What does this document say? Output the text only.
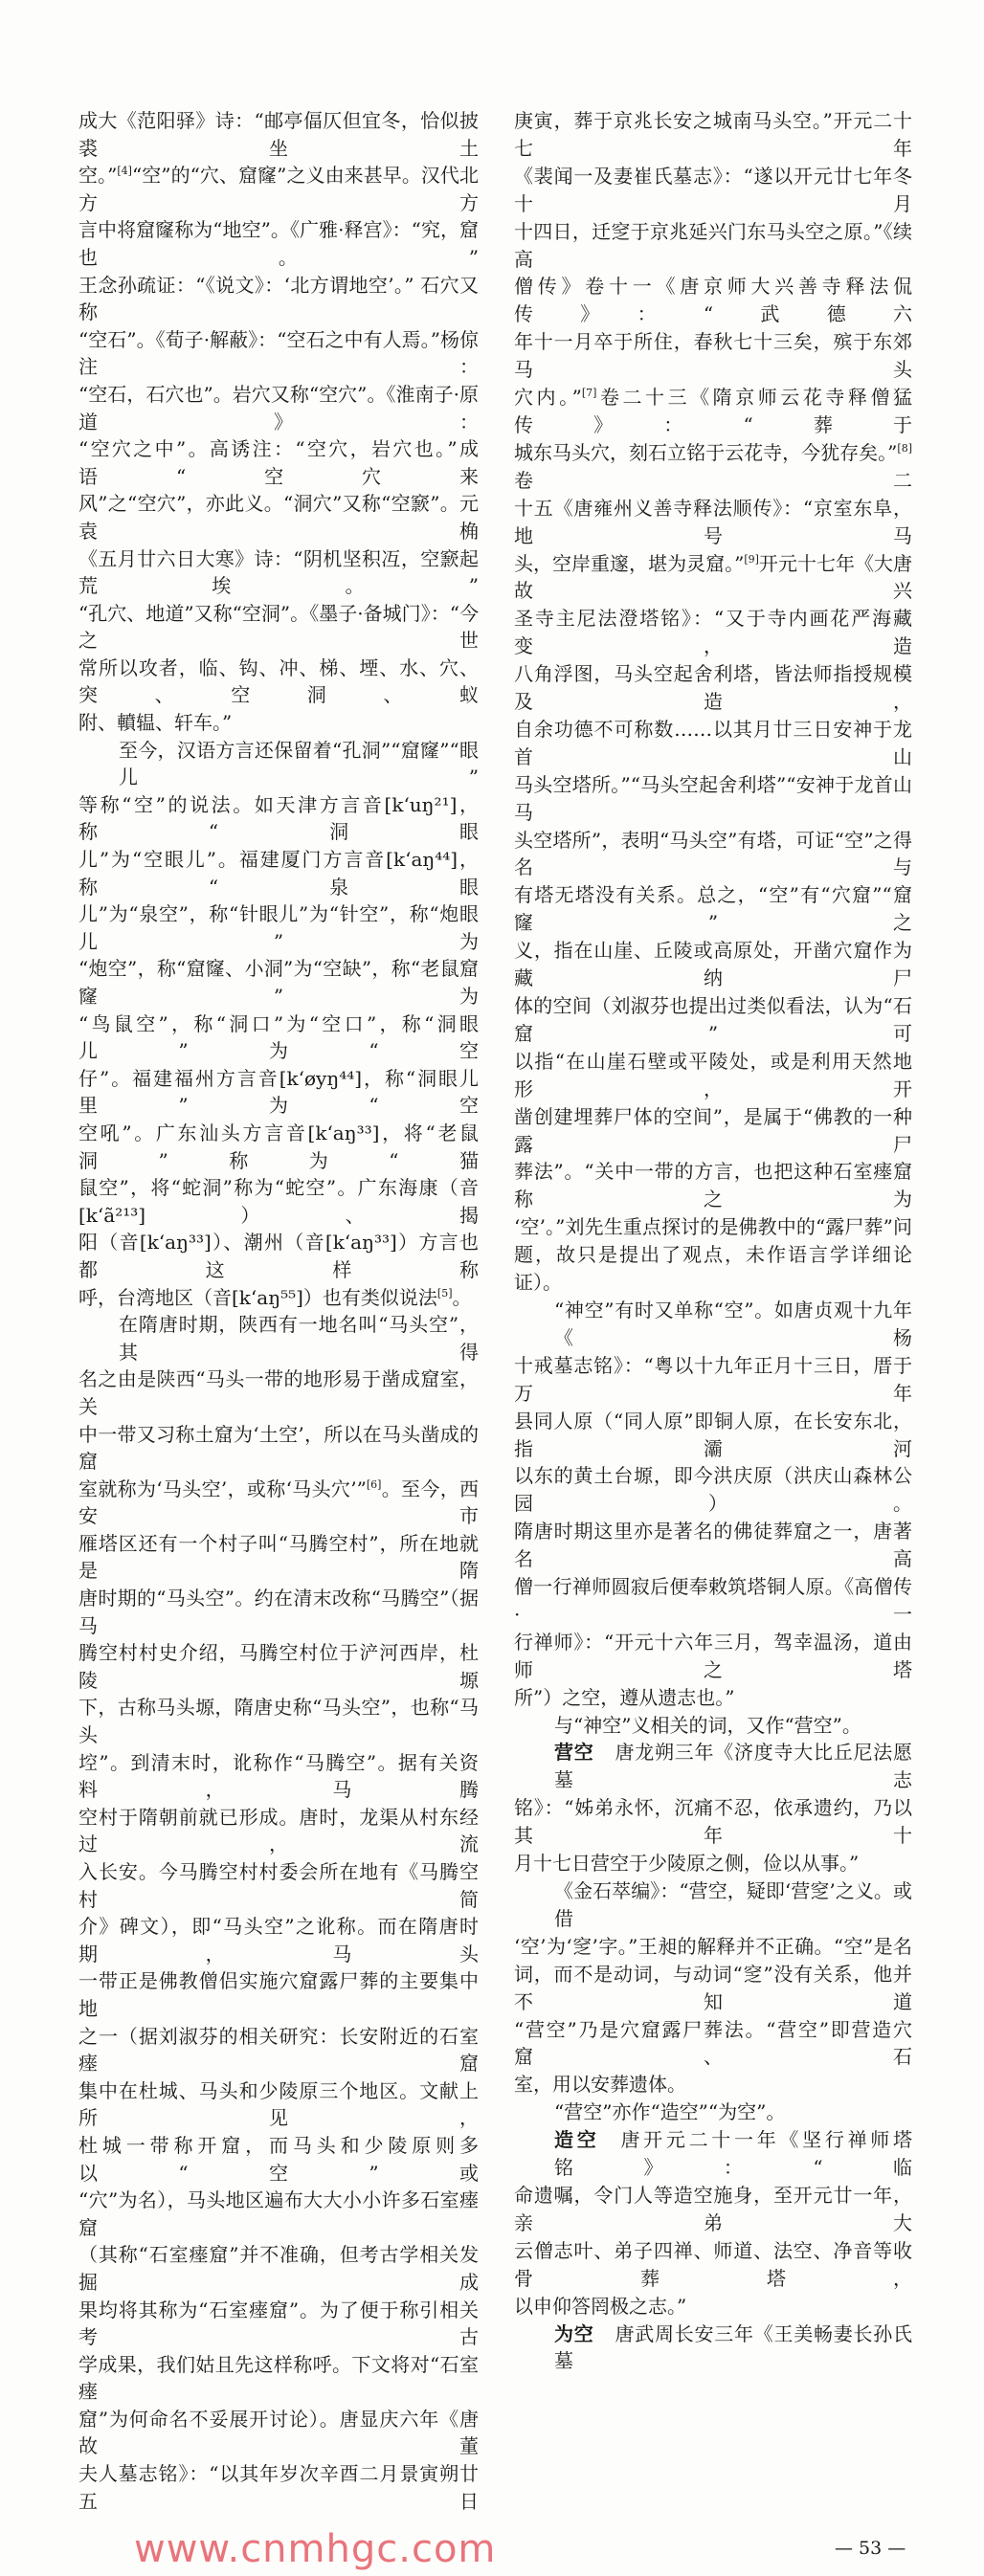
成大《范阳驿》诗：“邮亭偪仄但宜冬，恰似披裘坐土
空。”[4]“空”的“穴、窟窿”之义由来甚早。汉代北方方
言中将窟窿称为“地空”。《广雅·释宫》：“究，窟也。”
王念孙疏证：“《说文》：‘北方谓地空’。” 石穴又称
“空石”。《荀子·解蔽》：“空石之中有人焉。”杨倞注：
“空石，石穴也”。岩穴又称“空穴”。《淮南子·原道》：
“空穴之中”。高诱注：“空穴，岩穴也。”成语“空穴来
风”之“空穴”，亦此义。“洞穴”又称“空窾”。元袁桷
《五月廿六日大寒》诗：“阴机坚积冱，空窾起荒埃。”
“孔穴、地道”又称“空洞”。《墨子·备城门》：“今之世
常所以攻者，临、钩、冲、梯、堙、水、穴、突、空洞、蚁
附、轒辒、轩车。”
至今，汉语方言还保留着“孔洞”“窟窿”“眼儿”
等称“空”的说法。如天津方言音[k‘uŋ²¹]，称“洞眼
儿”为“空眼儿”。福建厦门方言音[k‘aŋ⁴⁴]，称“泉眼
儿”为“泉空”，称“针眼儿”为“针空”，称“炮眼儿”为
“炮空”，称“窟窿、小洞”为“空缺”，称“老鼠窟窿”为
“鸟鼠空”，称“洞口”为“空口”，称“洞眼儿”为“空
仔”。福建福州方言音[k‘øyŋ⁴⁴]，称“洞眼儿里”为“空
空吼”。广东汕头方言音[k‘aŋ³³]，将“老鼠洞”称为“猫
鼠空”，将“蛇洞”称为“蛇空”。广东海康（音[k‘ã²¹³]）、揭
阳（音[k‘aŋ³³]）、潮州（音[k‘aŋ³³]）方言也都这样称
呼，台湾地区（音[k‘aŋ⁵⁵]）也有类似说法[5]。
在隋唐时期，陕西有一地名叫“马头空”，其得
名之由是陕西“马头一带的地形易于凿成窟室，关
中一带又习称土窟为‘土空’，所以在马头凿成的窟
室就称为‘马头空’，或称‘马头穴’”[6]。至今，西安市
雁塔区还有一个村子叫“马腾空村”，所在地就是隋
唐时期的“马头空”。约在清末改称“马腾空”（据马
腾空村村史介绍，马腾空村位于浐河西岸，杜陵塬
下，古称马头塬，隋唐史称“马头空”，也称“马头
埪”。到清末时，讹称作“马腾空”。据有关资料，马腾
空村于隋朝前就已形成。唐时，龙渠从村东经过，流
入长安。今马腾空村村委会所在地有《马腾空村简
介》碑文），即“马头空”之讹称。而在隋唐时期，马头
一带正是佛教僧侣实施穴窟露尸葬的主要集中地
之一（据刘淑芬的相关研究：长安附近的石室瘗窟
集中在杜城、马头和少陵原三个地区。文献上所见，
杜城一带称开窟，而马头和少陵原则多以“空”或
“穴”为名），马头地区遍布大大小小许多石室瘗窟
（其称“石室瘗窟”并不准确，但考古学相关发掘成
果均将其称为“石室瘗窟”。为了便于称引相关考古
学成果，我们姑且先这样称呼。下文将对“石室瘗
窟”为何命名不妥展开讨论）。唐显庆六年《唐故董
夫人墓志铭》：“以其年岁次辛酉二月景寅朔廿五日
庚寅，葬于京兆长安之城南马头空。”开元二十七年
《裴闻一及妻崔氏墓志》：“遂以开元廿七年冬十月
十四日，迁窆于京兆延兴门东马头空之原。”《续高
僧传》卷十一《唐京师大兴善寺释法侃传》：“武德六
年十一月卒于所住，春秋七十三矣，殡于东郊马头
穴内。”[7]卷二十三《隋京师云花寺释僧猛传》：“葬于
城东马头穴，刻石立铭于云花寺，今犹存矣。”[8]卷二
十五《唐雍州义善寺释法顺传》：“京室东阜，地号马
头，空岸重邃，堪为灵窟。”[9]开元十七年《大唐故兴
圣寺主尼法澄塔铭》：“又于寺内画花严海藏变，造
八角浮图，马头空起舍利塔，皆法师指授规模及造，
自余功德不可称数……以其月廿三日安神于龙首山
马头空塔所。”“马头空起舍利塔”“安神于龙首山马
头空塔所”，表明“马头空”有塔，可证“空”之得名与
有塔无塔没有关系。总之，“空”有“穴窟”“窟窿”之
义，指在山崖、丘陵或高原处，开凿穴窟作为藏纳尸
体的空间（刘淑芬也提出过类似看法，认为“石窟”可
以指“在山崖石壁或平陵处，或是利用天然地形，开
凿创建埋葬尸体的空间”，是属于“佛教的一种露尸
葬法”。“关中一带的方言，也把这种石室瘗窟称之为
‘空’。”刘先生重点探讨的是佛教中的“露尸葬”问
题，故只是提出了观点，未作语言学详细论证）。
“神空”有时又单称“空”。如唐贞观十九年《杨
十戒墓志铭》：“粤以十九年正月十三日，厝于万年
县同人原（“同人原”即铜人原，在长安东北，指灞河
以东的黄土台塬，即今洪庆原（洪庆山森林公园）。
隋唐时期这里亦是著名的佛徒葬窟之一，唐著名高
僧一行禅师圆寂后便奉敕筑塔铜人原。《高僧传·一
行禅师》：“开元十六年三月，驾幸温汤，道由师之塔
所”）之空，遵从遗志也。”
与“神空”义相关的词，又作“营空”。
营空 唐龙朔三年《济度寺大比丘尼法愿墓志
铭》：“姊弟永怀，沉痛不忍，依承遗约，乃以其年十
月十七日营空于少陵原之侧，俭以从事。”
《金石萃编》：“营空，疑即‘营窆’之义。或借
‘空’为‘窆’字。”王昶的解释并不正确。“空”是名
词，而不是动词，与动词“窆”没有关系，他并不知道
“营空”乃是穴窟露尸葬法。“营空”即营造穴窟、石
室，用以安葬遗体。
“营空”亦作“造空”“为空”。
造空 唐开元二十一年《坚行禅师塔铭》：“临
命遗嘱，令门人等造空施身，至开元廿一年，亲弟大
云僧志叶、弟子四禅、师道、法空、净音等收骨葬塔，
以申仰答罔极之志。”
为空 唐武周长安三年《王美畅妻长孙氏墓
www.cnmhgc.com	— 53 —
